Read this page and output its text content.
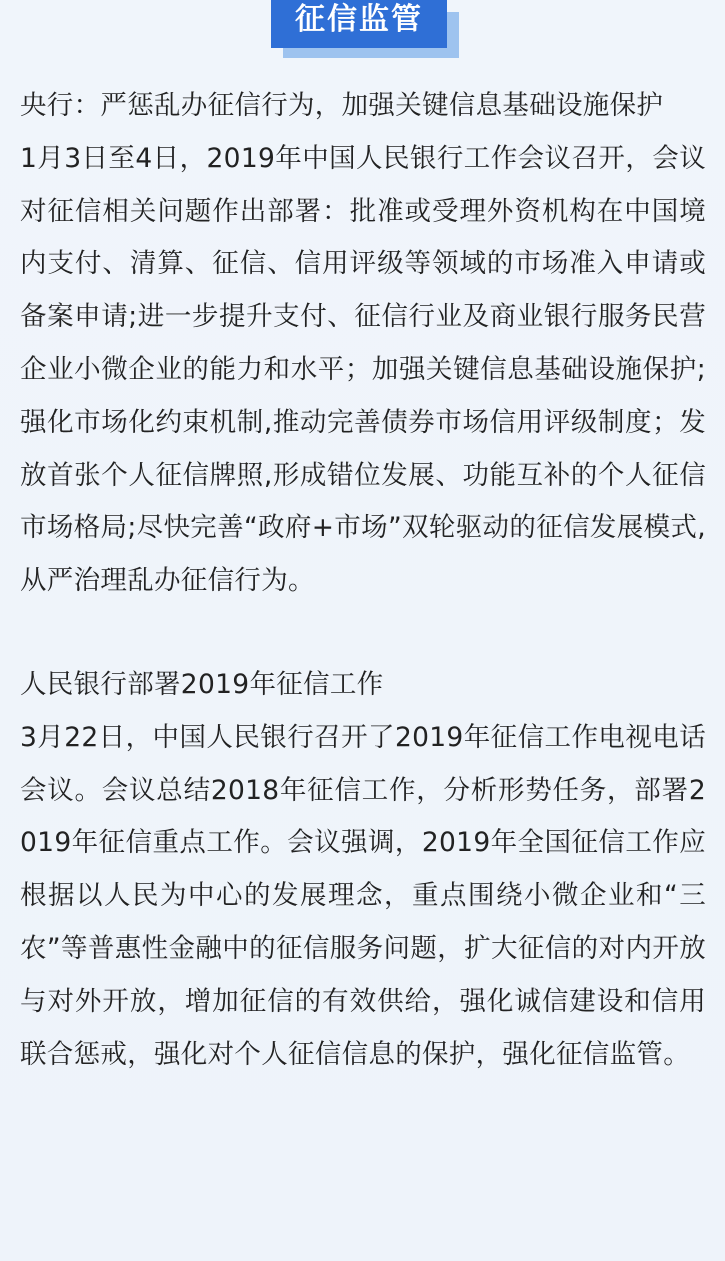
征信监管

央行：严惩乱办征信行为，加强关键信息基础设施保护

1月3日至4日，2019年中国人民银行工作会议召开，会议对征信相关问题作出部署：批准或受理外资机构在中国境内支付、清算、征信、信用评级等领域的市场准入申请或备案申请;进一步提升支付、征信行业及商业银行服务民营企业小微企业的能力和水平；加强关键信息基础设施保护;强化市场化约束机制,推动完善债券市场信用评级制度；发放首张个人征信牌照,形成错位发展、功能互补的个人征信市场格局;尽快完善“政府+市场”双轮驱动的征信发展模式,从严治理乱办征信行为。

人民银行部署2019年征信工作

3月22日，中国人民银行召开了2019年征信工作电视电话会议。会议总结2018年征信工作，分析形势任务，部署2019年征信重点工作。会议强调，2019年全国征信工作应根据以人民为中心的发展理念，重点围绕小微企业和“三农”等普惠性金融中的征信服务问题，扩大征信的对内开放与对外开放，增加征信的有效供给，强化诚信建设和信用联合惩戒，强化对个人征信信息的保护，强化征信监管。
